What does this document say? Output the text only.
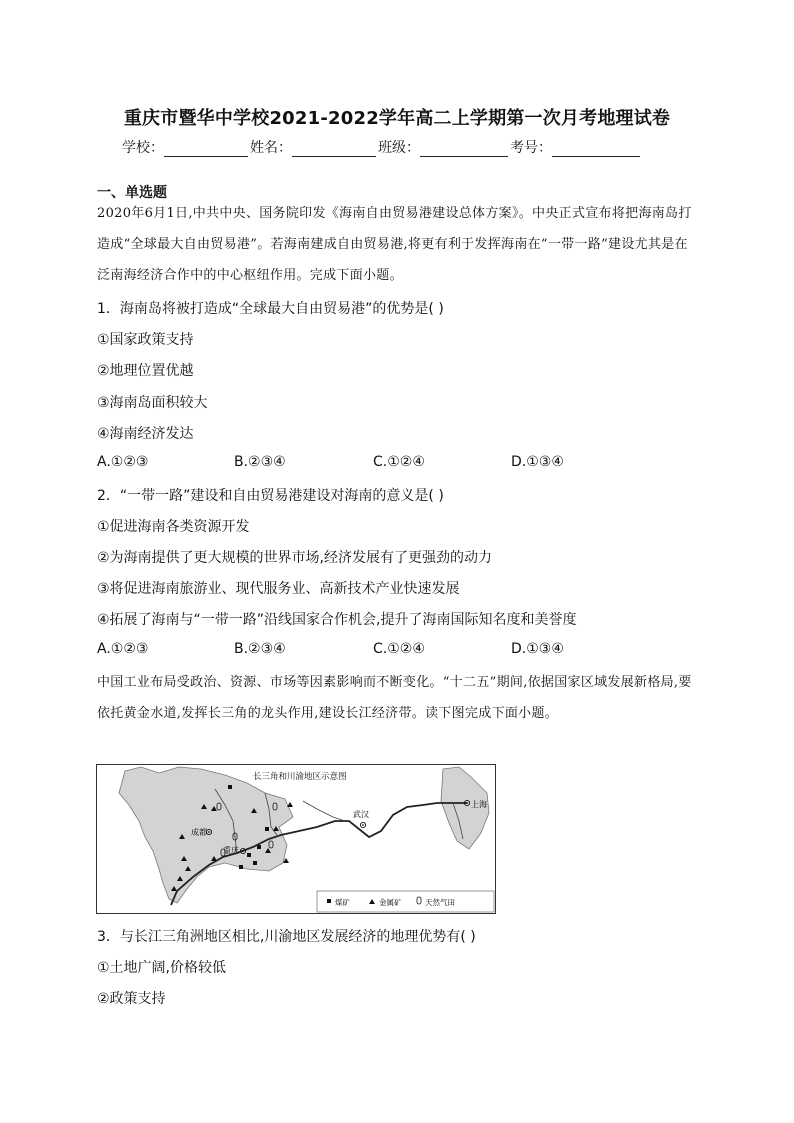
重庆市暨华中学校2021-2022学年高二上学期第一次月考地理试卷
学校：	姓名：	班级：	考号：
一、单选题
2020年6月1日,中共中央、国务院印发《海南自由贸易港建设总体方案》。中央正式宣布将把海南岛打造成“全球最大自由贸易港”。若海南建成自由贸易港,将更有利于发挥海南在“一带一路”建设尤其是在泛南海经济合作中的中心枢纽作用。完成下面小题。
1．海南岛将被打造成“全球最大自由贸易港”的优势是( )
①国家政策支持
②地理位置优越
③海南岛面积较大
④海南经济发达
A.①②③	B.②③④	C.①②④	D.①③④
2．“一带一路”建设和自由贸易港建设对海南的意义是( )
①促进海南各类资源开发
②为海南提供了更大规模的世界市场,经济发展有了更强劲的动力
③将促进海南旅游业、现代服务业、高新技术产业快速发展
④拓展了海南与“一带一路”沿线国家合作机会,提升了海南国际知名度和美誉度
A.①②③	B.②③④	C.①②④	D.①③④
中国工业布局受政治、资源、市场等因素影响而不断变化。“十二五”期间,依据国家区域发展新格局,要依托黄金水道,发挥长三角的龙头作用,建设长江经济带。读下图完成下面小题。
长三角和川渝地区示意图
成都
重庆
武汉
上海
煤矿	金属矿	天然气田
3．与长江三角洲地区相比,川渝地区发展经济的地理优势有( )
①土地广阔,价格较低
②政策支持
